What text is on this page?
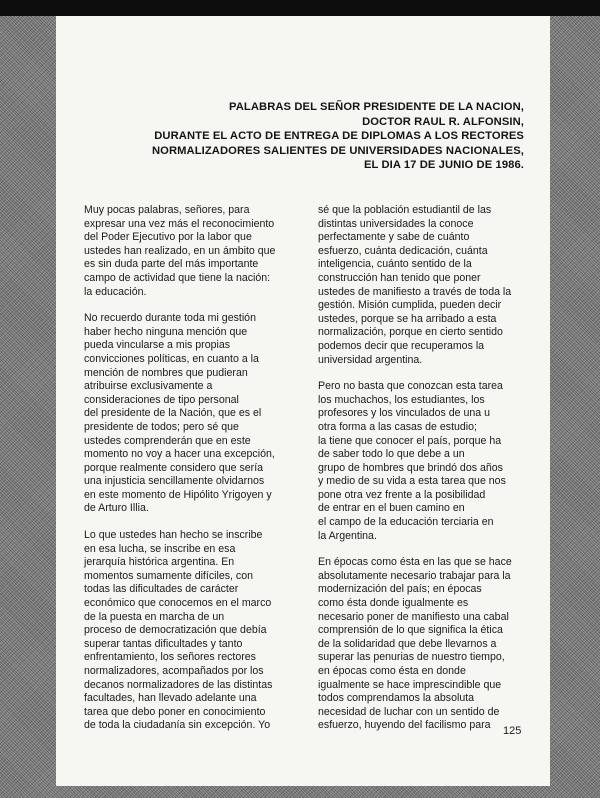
PALABRAS DEL SEÑOR PRESIDENTE DE LA NACION,
DOCTOR RAUL R. ALFONSIN,
DURANTE EL ACTO DE ENTREGA DE DIPLOMAS A LOS RECTORES
NORMALIZADORES SALIENTES DE UNIVERSIDADES NACIONALES,
EL DIA 17 DE JUNIO DE 1986.

Muy pocas palabras, señores, para
expresar una vez más el reconocimiento
del Poder Ejecutivo por la labor que
ustedes han realizado, en un ámbito que
es sin duda parte del más importante
campo de actividad que tiene la nación:
la educación.

No recuerdo durante toda mi gestión
haber hecho ninguna mención que
pueda vincularse a mis propias
convicciones políticas, en cuanto a la
mención de nombres que pudieran
atribuirse exclusivamente a
consideraciones de tipo personal
del presidente de la Nación, que es el
presidente de todos; pero sé que
ustedes comprenderán que en este
momento no voy a hacer una excepción,
porque realmente considero que sería
una injusticia sencillamente olvidarnos
en este momento de Hipólito Yrigoyen y
de Arturo Illia.

Lo que ustedes han hecho se inscribe
en esa lucha, se inscribe en esa
jerarquía histórica argentina. En
momentos sumamente difíciles, con
todas las dificultades de carácter
económico que conocemos en el marco
de la puesta en marcha de un
proceso de democratización que debía
superar tantas dificultades y tanto
enfrentamiento, los señores rectores
normalizadores, acompañados por los
decanos normalizadores de las distintas
facultades, han llevado adelante una
tarea que debo poner en conocimiento
de toda la ciudadanía sin excepción. Yo

sé que la población estudiantil de las
distintas universidades la conoce
perfectamente y sabe de cuánto
esfuerzo, cuánta dedicación, cuánta
inteligencia, cuánto sentido de la
construcción han tenido que poner
ustedes de manifiesto a través de toda la
gestión. Misión cumplida, pueden decir
ustedes, porque se ha arribado a esta
normalización, porque en cierto sentido
podemos decir que recuperamos la
universidad argentina.

Pero no basta que conozcan esta tarea
los muchachos, los estudiantes, los
profesores y los vinculados de una u
otra forma a las casas de estudio;
la tiene que conocer el país, porque ha
de saber todo lo que debe a un
grupo de hombres que brindó dos años
y medio de su vida a esta tarea que nos
pone otra vez frente a la posibilidad
de entrar en el buen camino en
el campo de la educación terciaria en
la Argentina.

En épocas como ésta en las que se hace
absolutamente necesario trabajar para la
modernización del país; en épocas
como ésta donde igualmente es
necesario poner de manifiesto una cabal
comprensión de lo que significa la ética
de la solidaridad que debe llevarnos a
superar las penurias de nuestro tiempo,
en épocas como ésta en donde
igualmente se hace imprescindible que
todos comprendamos la absoluta
necesidad de luchar con un sentido de
esfuerzo, huyendo del facilismo para	125
